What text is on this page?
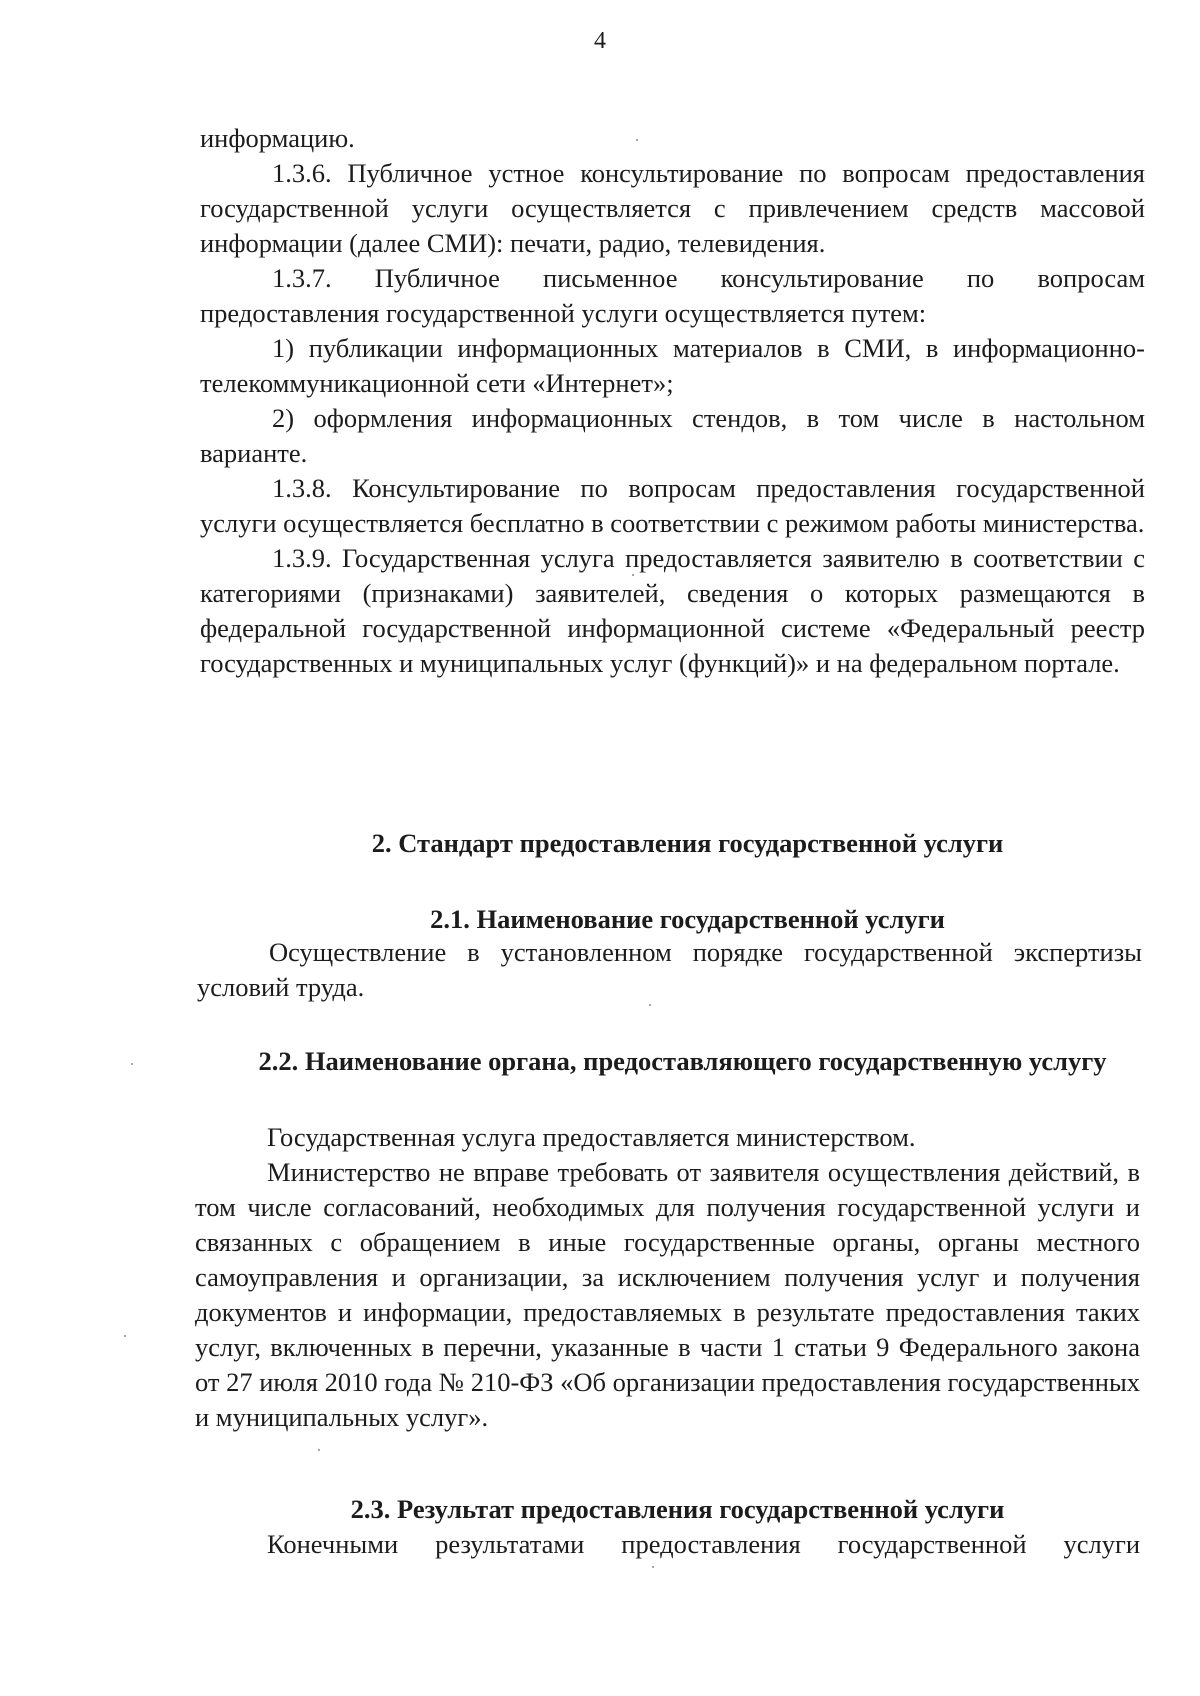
4

информацию.

1.3.6. Публичное устное консультирование по вопросам предоставления государственной услуги осуществляется с привлечением средств массовой информации (далее СМИ): печати, радио, телевидения.

1.3.7. Публичное письменное консультирование по вопросам предоставления государственной услуги осуществляется путем:

1) публикации информационных материалов в СМИ, в информационно-телекоммуникационной сети «Интернет»;

2) оформления информационных стендов, в том числе в настольном варианте.

1.3.8. Консультирование по вопросам предоставления государственной услуги осуществляется бесплатно в соответствии с режимом работы министерства.

1.3.9. Государственная услуга предоставляется заявителю в соответствии с категориями (признаками) заявителей, сведения о которых размещаются в федеральной государственной информационной системе «Федеральный реестр государственных и муниципальных услуг (функций)» и на федеральном портале.

2. Стандарт предоставления государственной услуги
2.1. Наименование государственной услуги

Осуществление в установленном порядке государственной экспертизы условий труда.

2.2. Наименование органа, предоставляющего государственную услугу

Государственная услуга предоставляется министерством.

Министерство не вправе требовать от заявителя осуществления действий, в том числе согласований, необходимых для получения государственной услуги и связанных с обращением в иные государственные органы, органы местного самоуправления и организации, за исключением получения услуг и получения документов и информации, предоставляемых в результате предоставления таких услуг, включенных в перечни, указанные в части 1 статьи 9 Федерального закона от 27 июля 2010 года № 210-ФЗ «Об организации предоставления государственных и муниципальных услуг».

2.3. Результат предоставления государственной услуги

Конечными результатами предоставления государственной услуги
